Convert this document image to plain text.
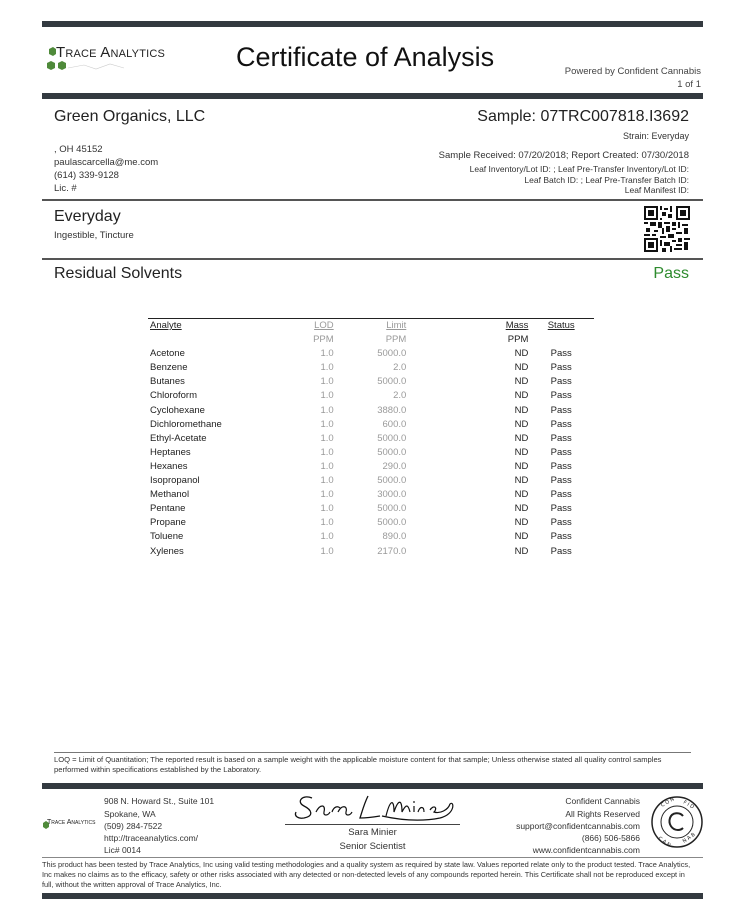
Trace Analytics	Certificate of Analysis	Powered by Confident Cannabis
1 of 1
Green Organics, LLC
, OH 45152
paulascarcella@me.com
(614) 339-9128
Lic. #
Sample: 07TRC007818.I3692
Strain: Everyday
Sample Received: 07/20/2018; Report Created: 07/30/2018
Leaf Inventory/Lot ID: ; Leaf Pre-Transfer Inventory/Lot ID:
Leaf Batch ID: ; Leaf Pre-Transfer Batch ID:
Leaf Manifest ID:
Everyday
Ingestible, Tincture
Residual Solvents	Pass
Analyte	LOD	Limit	Mass	Status
	PPM	PPM	PPM	
Acetone	1.0	5000.0	ND	Pass
Benzene	1.0	2.0	ND	Pass
Butanes	1.0	5000.0	ND	Pass
Chloroform	1.0	2.0	ND	Pass
Cyclohexane	1.0	3880.0	ND	Pass
Dichloromethane	1.0	600.0	ND	Pass
Ethyl-Acetate	1.0	5000.0	ND	Pass
Heptanes	1.0	5000.0	ND	Pass
Hexanes	1.0	290.0	ND	Pass
Isopropanol	1.0	5000.0	ND	Pass
Methanol	1.0	3000.0	ND	Pass
Pentane	1.0	5000.0	ND	Pass
Propane	1.0	5000.0	ND	Pass
Toluene	1.0	890.0	ND	Pass
Xylenes	1.0	2170.0	ND	Pass
LOQ = Limit of Quantitation; The reported result is based on a sample weight with the applicable moisture content for that sample; Unless otherwise stated all quality control samples performed within specifications established by the Laboratory.
Trace Analytics
908 N. Howard St., Suite 101
Spokane, WA
(509) 284-7522
http://traceanalytics.com/
Lic# 0014
Sara Minier
Senior Scientist
Confident Cannabis
All Rights Reserved
support@confidentcannabis.com
(866) 506-5866
www.confidentcannabis.com
C O N F I D
C A N N A B
This product has been tested by Trace Analytics, Inc using valid testing methodologies and a quality system as required by state law. Values reported relate only to the product tested. Trace Analytics, Inc makes no claims as to the efficacy, safety or other risks associated with any detected or non-detected levels of any compounds reported herein. This Certificate shall not be reproduced except in full, without the written approval of Trace Analytics, Inc.
